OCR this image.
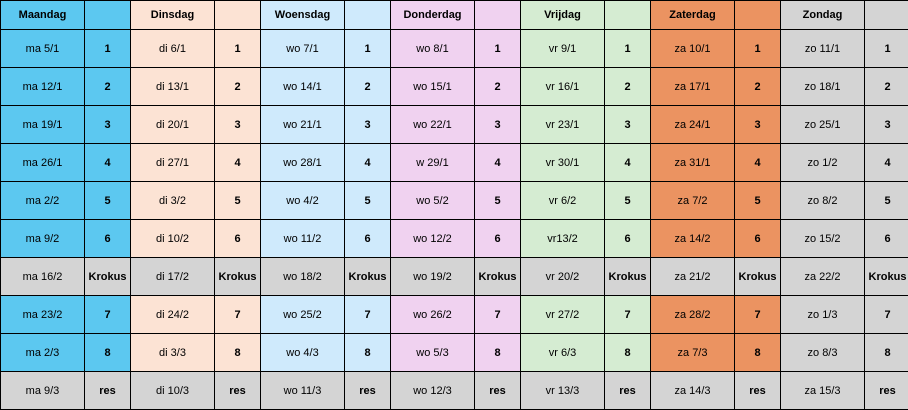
Maandag		Dinsdag		Woensdag		Donderdag		Vrijdag		Zaterdag		Zondag	
ma 5/1	1	di 6/1	1	wo 7/1	1	wo 8/1	1	vr 9/1	1	za 10/1	1	zo 11/1	1
ma 12/1	2	di 13/1	2	wo 14/1	2	wo 15/1	2	vr 16/1	2	za 17/1	2	zo 18/1	2
ma 19/1	3	di 20/1	3	wo 21/1	3	wo 22/1	3	vr 23/1	3	za 24/1	3	zo 25/1	3
ma 26/1	4	di 27/1	4	wo 28/1	4	w 29/1	4	vr 30/1	4	za 31/1	4	zo 1/2	4
ma 2/2	5	di 3/2	5	wo 4/2	5	wo 5/2	5	vr 6/2	5	za 7/2	5	zo 8/2	5
ma 9/2	6	di 10/2	6	wo 11/2	6	wo 12/2	6	vr13/2	6	za 14/2	6	zo 15/2	6
ma 16/2	Krokus	di 17/2	Krokus	wo 18/2	Krokus	wo 19/2	Krokus	vr 20/2	Krokus	za 21/2	Krokus	za 22/2	Krokus
ma 23/2	7	di 24/2	7	wo 25/2	7	wo 26/2	7	vr 27/2	7	za 28/2	7	zo 1/3	7
ma 2/3	8	di 3/3	8	wo 4/3	8	wo 5/3	8	vr 6/3	8	za 7/3	8	zo 8/3	8
ma 9/3	res	di 10/3	res	wo 11/3	res	wo 12/3	res	vr 13/3	res	za 14/3	res	za 15/3	res
